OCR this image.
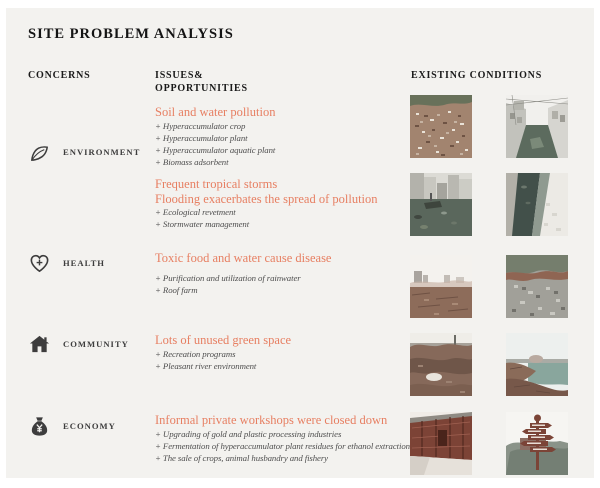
SITE PROBLEM ANALYSIS
CONCERNS	ISSUES&
OPPORTUNITIES
EXISTING CONDITIONS
ENVIRONMENT
HEALTH
COMMUNITY
ECONOMY
Soil and water pollution
+ Hyperaccumulator crop
+ Hyperaccumulator plant
+ Hyperaccumulator aquatic plant
+ Biomass adsorbent
Frequent tropical storms
Flooding exacerbates the spread of pollution
+ Ecological revetment
+ Stormwater management
Toxic food and water cause disease
+ Purification and utilization of rainwater
+ Roof farm
Lots of unused green space
+ Recreation programs
+ Pleasant river environment
Informal private workshops were closed down
+ Upgrading of gold and plastic processing industries
+ Fermentation of hyperaccumulator plant residues for ethanol extraction
+ The sale of crops, animal husbandry and fishery
